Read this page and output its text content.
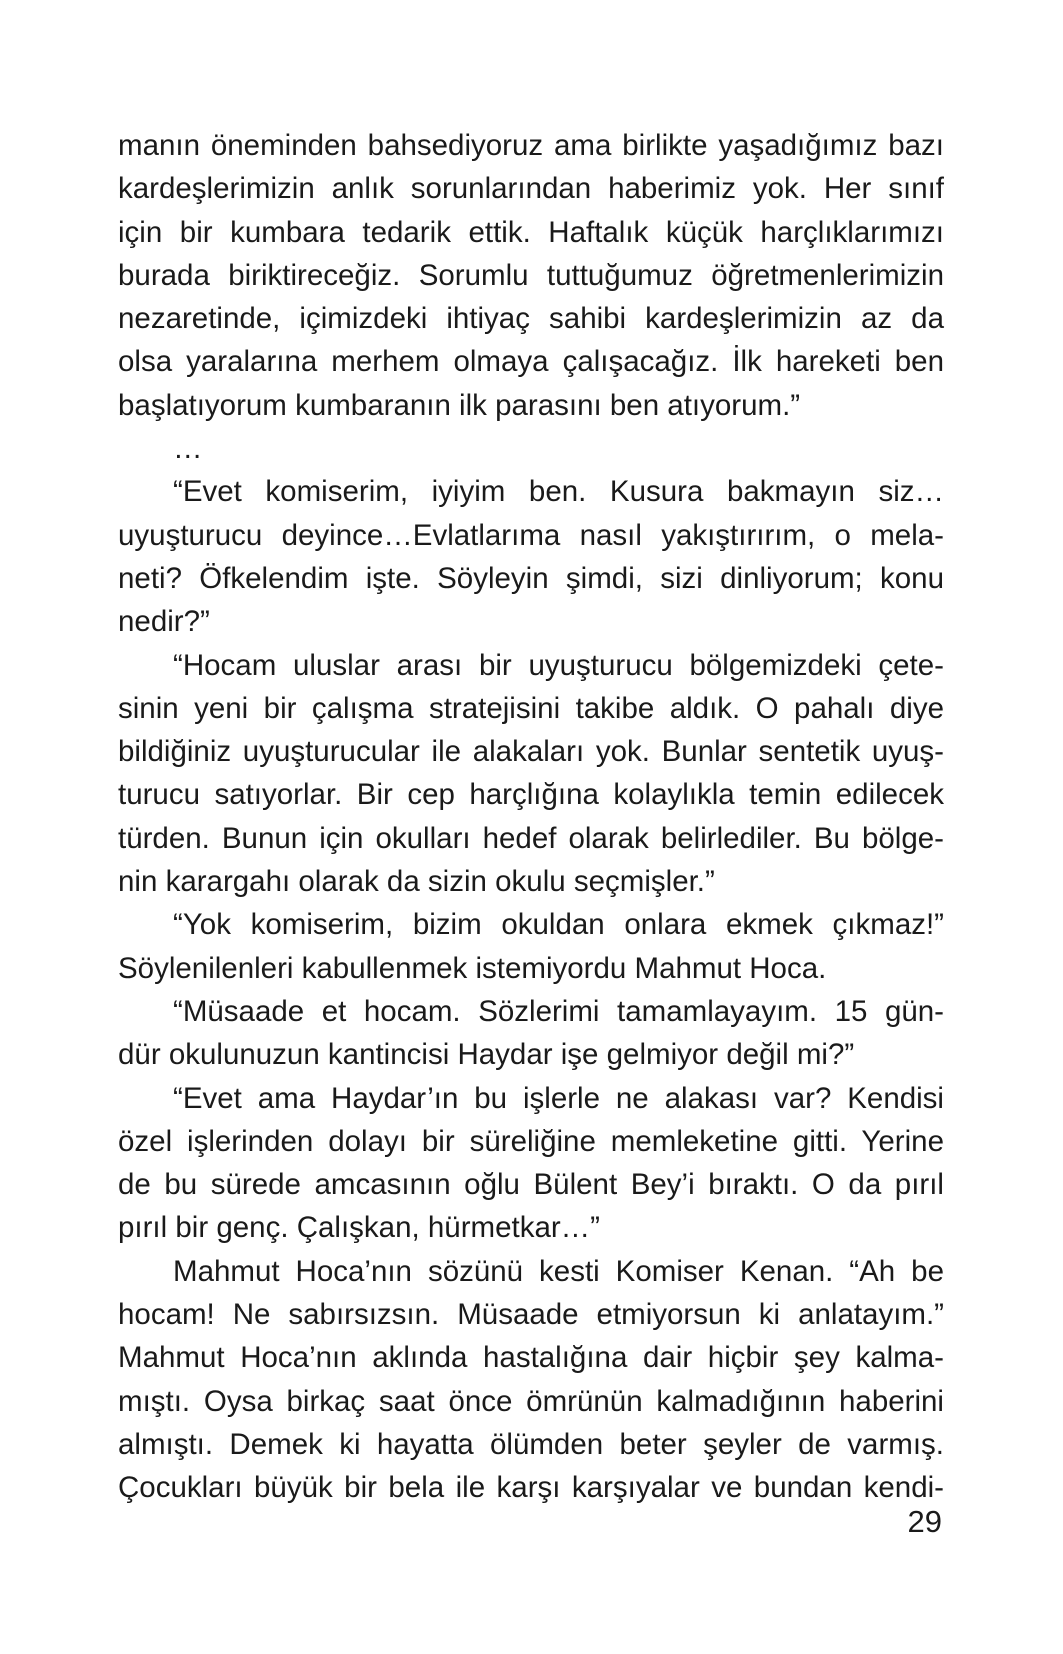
manın öneminden bahsediyoruz ama birlikte yaşadığımız bazı
kardeşlerimizin anlık sorunlarından haberimiz yok. Her sınıf
için bir kumbara tedarik ettik. Haftalık küçük harçlıklarımızı
burada biriktireceğiz. Sorumlu tuttuğumuz öğretmenlerimizin
nezaretinde, içimizdeki ihtiyaç sahibi kardeşlerimizin az da
olsa yaralarına merhem olmaya çalışacağız. İlk hareketi ben
başlatıyorum kumbaranın ilk parasını ben atıyorum.”
…
“Evet komiserim, iyiyim ben. Kusura bakmayın siz…
uyuşturucu deyince…Evlatlarıma nasıl yakıştırırım, o mela-
neti? Öfkelendim işte. Söyleyin şimdi, sizi dinliyorum; konu
nedir?”
“Hocam uluslar arası bir uyuşturucu bölgemizdeki çete-
sinin yeni bir çalışma stratejisini takibe aldık. O pahalı diye
bildiğiniz uyuşturucular ile alakaları yok. Bunlar sentetik uyuş-
turucu satıyorlar. Bir cep harçlığına kolaylıkla temin edilecek
türden. Bunun için okulları hedef olarak belirlediler. Bu bölge-
nin karargahı olarak da sizin okulu seçmişler.”
“Yok komiserim, bizim okuldan onlara ekmek çıkmaz!”
Söylenilenleri kabullenmek istemiyordu Mahmut Hoca.
“Müsaade et hocam. Sözlerimi tamamlayayım. 15 gün-
dür okulunuzun kantincisi Haydar işe gelmiyor değil mi?”
“Evet ama Haydar’ın bu işlerle ne alakası var? Kendisi
özel işlerinden dolayı bir süreliğine memleketine gitti. Yerine
de bu sürede amcasının oğlu Bülent Bey’i bıraktı. O da pırıl
pırıl bir genç. Çalışkan, hürmetkar…”
Mahmut Hoca’nın sözünü kesti Komiser Kenan. “Ah be
hocam! Ne sabırsızsın. Müsaade etmiyorsun ki anlatayım.”
Mahmut Hoca’nın aklında hastalığına dair hiçbir şey kalma-
mıştı. Oysa birkaç saat önce ömrünün kalmadığının haberini
almıştı. Demek ki hayatta ölümden beter şeyler de varmış.
Çocukları büyük bir bela ile karşı karşıyalar ve bundan kendi-
29
